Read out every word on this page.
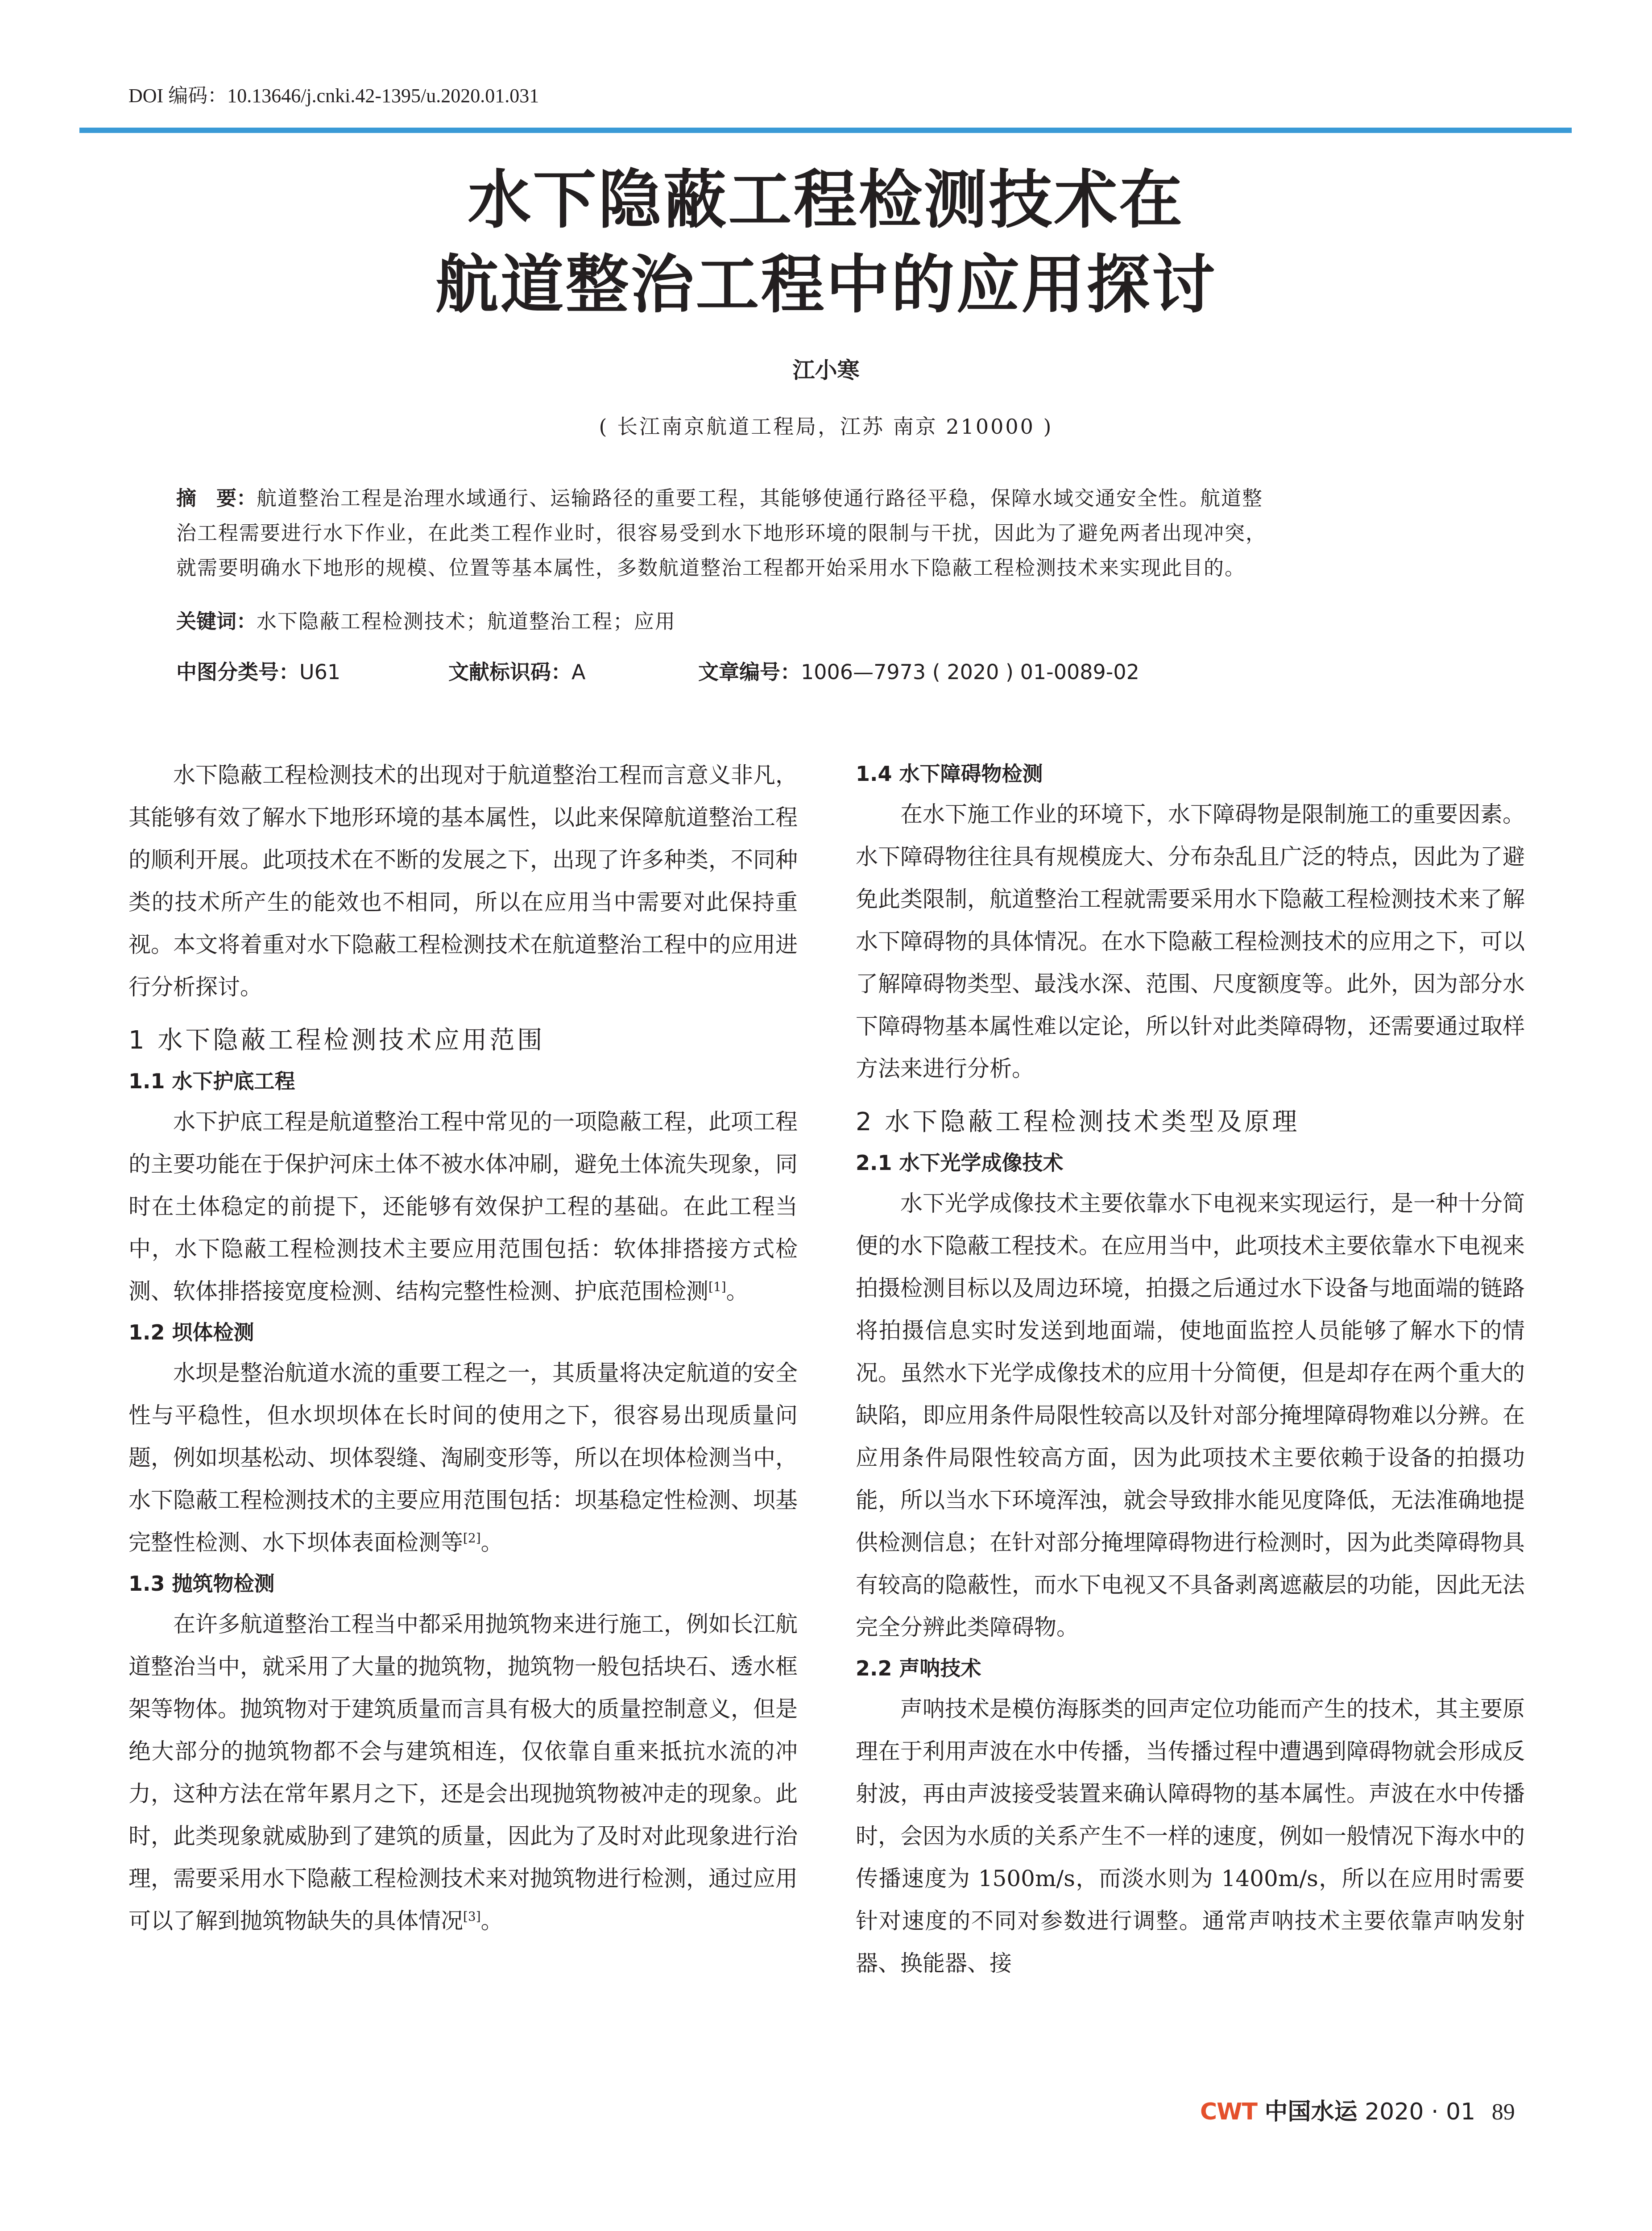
DOI 编码：10.13646/j.cnki.42-1395/u.2020.01.031
水下隐蔽工程检测技术在
航道整治工程中的应用探讨
江小寒
( 长江南京航道工程局，江苏 南京 210000 )
摘　要：航道整治工程是治理水域通行、运输路径的重要工程，其能够使通行路径平稳，保障水域交通安全性。航道整
治工程需要进行水下作业，在此类工程作业时，很容易受到水下地形环境的限制与干扰，因此为了避免两者出现冲突，
就需要明确水下地形的规模、位置等基本属性，多数航道整治工程都开始采用水下隐蔽工程检测技术来实现此目的。
关键词：水下隐蔽工程检测技术；航道整治工程；应用
中图分类号：U61	文献标识码：A	文章编号：1006—7973 ( 2020 ) 01-0089-02

水下隐蔽工程检测技术的出现对于航道整治工程而言意义非凡，其能够有效了解水下地形环境的基本属性，以此来保障航道整治工程的顺利开展。此项技术在不断的发展之下，出现了许多种类，不同种类的技术所产生的能效也不相同，所以在应用当中需要对此保持重视。本文将着重对水下隐蔽工程检测技术在航道整治工程中的应用进行分析探讨。

1 水下隐蔽工程检测技术应用范围
1.1 水下护底工程

水下护底工程是航道整治工程中常见的一项隐蔽工程，此项工程的主要功能在于保护河床土体不被水体冲刷，避免土体流失现象，同时在土体稳定的前提下，还能够有效保护工程的基础。在此工程当中，水下隐蔽工程检测技术主要应用范围包括：软体排搭接方式检测、软体排搭接宽度检测、结构完整性检测、护底范围检测[1]。

1.2 坝体检测

水坝是整治航道水流的重要工程之一，其质量将决定航道的安全性与平稳性，但水坝坝体在长时间的使用之下，很容易出现质量问题，例如坝基松动、坝体裂缝、淘刷变形等，所以在坝体检测当中，水下隐蔽工程检测技术的主要应用范围包括：坝基稳定性检测、坝基完整性检测、水下坝体表面检测等[2]。

1.3 抛筑物检测

在许多航道整治工程当中都采用抛筑物来进行施工，例如长江航道整治当中，就采用了大量的抛筑物，抛筑物一般包括块石、透水框架等物体。抛筑物对于建筑质量而言具有极大的质量控制意义，但是绝大部分的抛筑物都不会与建筑相连，仅依靠自重来抵抗水流的冲力，这种方法在常年累月之下，还是会出现抛筑物被冲走的现象。此时，此类现象就威胁到了建筑的质量，因此为了及时对此现象进行治理，需要采用水下隐蔽工程检测技术来对抛筑物进行检测，通过应用可以了解到抛筑物缺失的具体情况[3]。

1.4 水下障碍物检测

在水下施工作业的环境下，水下障碍物是限制施工的重要因素。水下障碍物往往具有规模庞大、分布杂乱且广泛的特点，因此为了避免此类限制，航道整治工程就需要采用水下隐蔽工程检测技术来了解水下障碍物的具体情况。在水下隐蔽工程检测技术的应用之下，可以了解障碍物类型、最浅水深、范围、尺度额度等。此外，因为部分水下障碍物基本属性难以定论，所以针对此类障碍物，还需要通过取样方法来进行分析。

2 水下隐蔽工程检测技术类型及原理
2.1 水下光学成像技术

水下光学成像技术主要依靠水下电视来实现运行，是一种十分简便的水下隐蔽工程技术。在应用当中，此项技术主要依靠水下电视来拍摄检测目标以及周边环境，拍摄之后通过水下设备与地面端的链路将拍摄信息实时发送到地面端，使地面监控人员能够了解水下的情况。虽然水下光学成像技术的应用十分简便，但是却存在两个重大的缺陷，即应用条件局限性较高以及针对部分掩埋障碍物难以分辨。在应用条件局限性较高方面，因为此项技术主要依赖于设备的拍摄功能，所以当水下环境浑浊，就会导致排水能见度降低，无法准确地提供检测信息；在针对部分掩埋障碍物进行检测时，因为此类障碍物具有较高的隐蔽性，而水下电视又不具备剥离遮蔽层的功能，因此无法完全分辨此类障碍物。

2.2 声呐技术

声呐技术是模仿海豚类的回声定位功能而产生的技术，其主要原理在于利用声波在水中传播，当传播过程中遭遇到障碍物就会形成反射波，再由声波接受装置来确认障碍物的基本属性。声波在水中传播时，会因为水质的关系产生不一样的速度，例如一般情况下海水中的传播速度为 1500m/s，而淡水则为 1400m/s，所以在应用时需要针对速度的不同对参数进行调整。通常声呐技术主要依靠声呐发射器、换能器、接

CWT 中国水运 2020 · 01 89
